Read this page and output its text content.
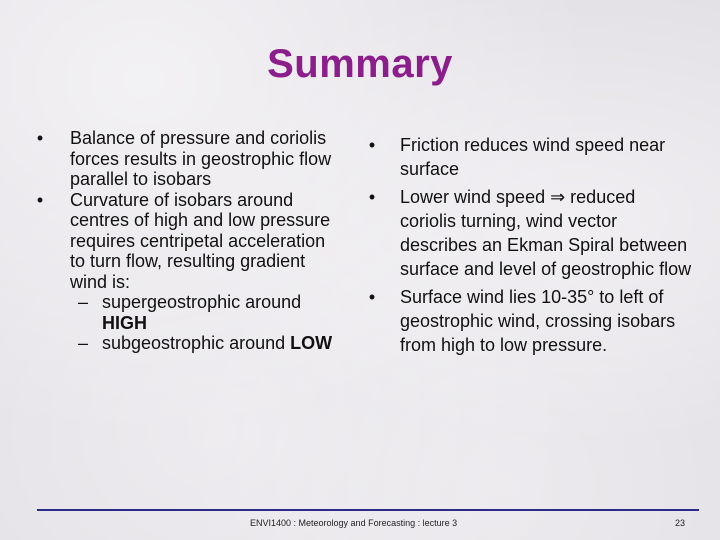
Summary
•	Balance of pressure and coriolis forces results in geostrophic flow parallel to isobars
•	Curvature of isobars around centres of high and low pressure requires centripetal acceleration to turn flow, resulting gradient wind is:
– supergeostrophic around HIGH
– subgeostrophic around LOW
•	Friction reduces wind speed near surface
•	Lower wind speed ⇒ reduced coriolis turning, wind vector describes an Ekman Spiral between surface and level of geostrophic flow
•	Surface wind lies 10-35° to left of geostrophic wind, crossing isobars from high to low pressure.
ENVI1400 : Meteorology and Forecasting : lecture 3	23
